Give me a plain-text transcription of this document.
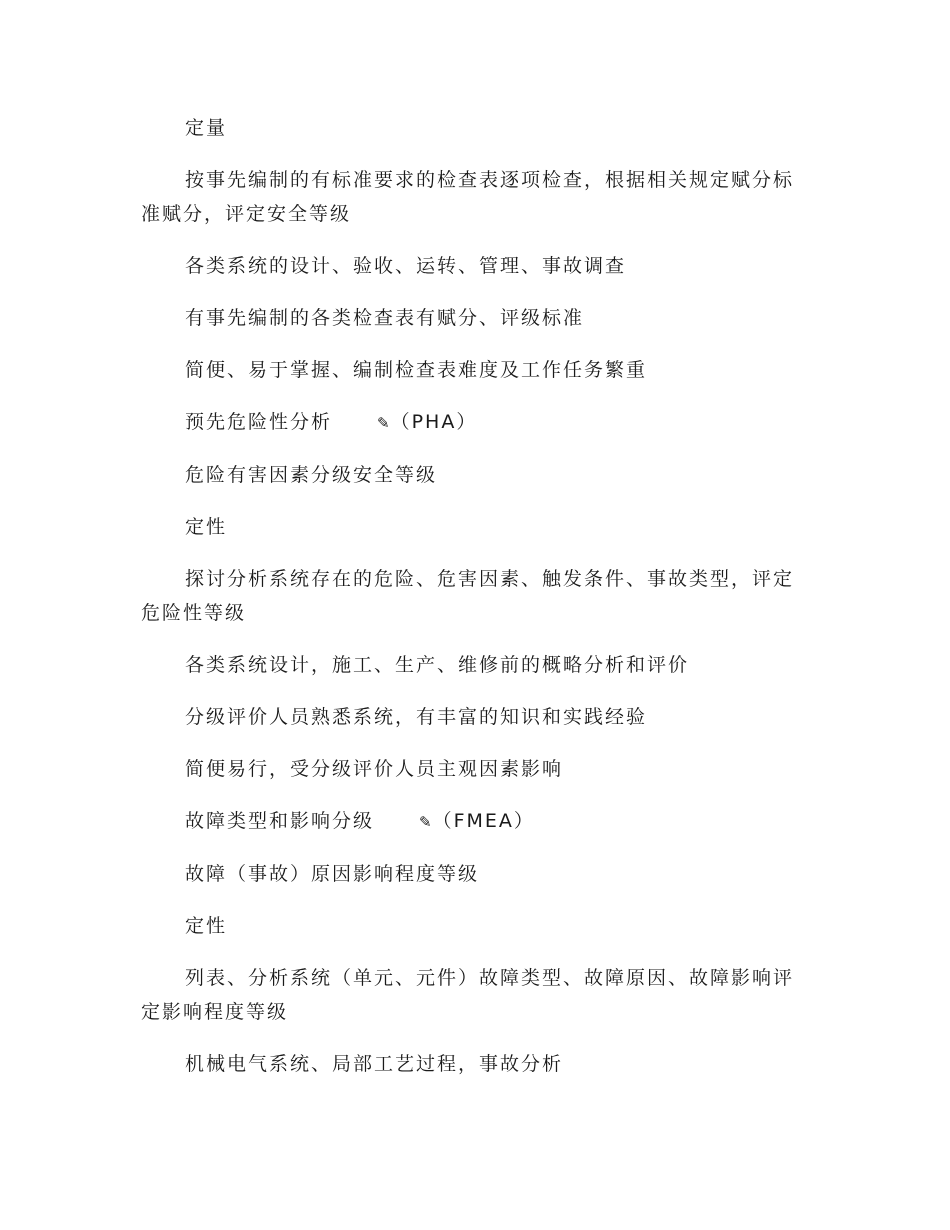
定量

按事先编制的有标准要求的检查表逐项检查，根据相关规定赋分标准赋分，评定安全等级

各类系统的设计、验收、运转、管理、事故调查

有事先编制的各类检查表有赋分、评级标准

简便、易于掌握、编制检查表难度及工作任务繁重

预先危险性分析	✎（PHA）

危险有害因素分级安全等级

定性

探讨分析系统存在的危险、危害因素、触发条件、事故类型，评定危险性等级

各类系统设计，施工、生产、维修前的概略分析和评价

分级评价人员熟悉系统，有丰富的知识和实践经验

简便易行，受分级评价人员主观因素影响

故障类型和影响分级	✎（FMEA）

故障（事故）原因影响程度等级

定性

列表、分析系统（单元、元件）故障类型、故障原因、故障影响评定影响程度等级

机械电气系统、局部工艺过程，事故分析
